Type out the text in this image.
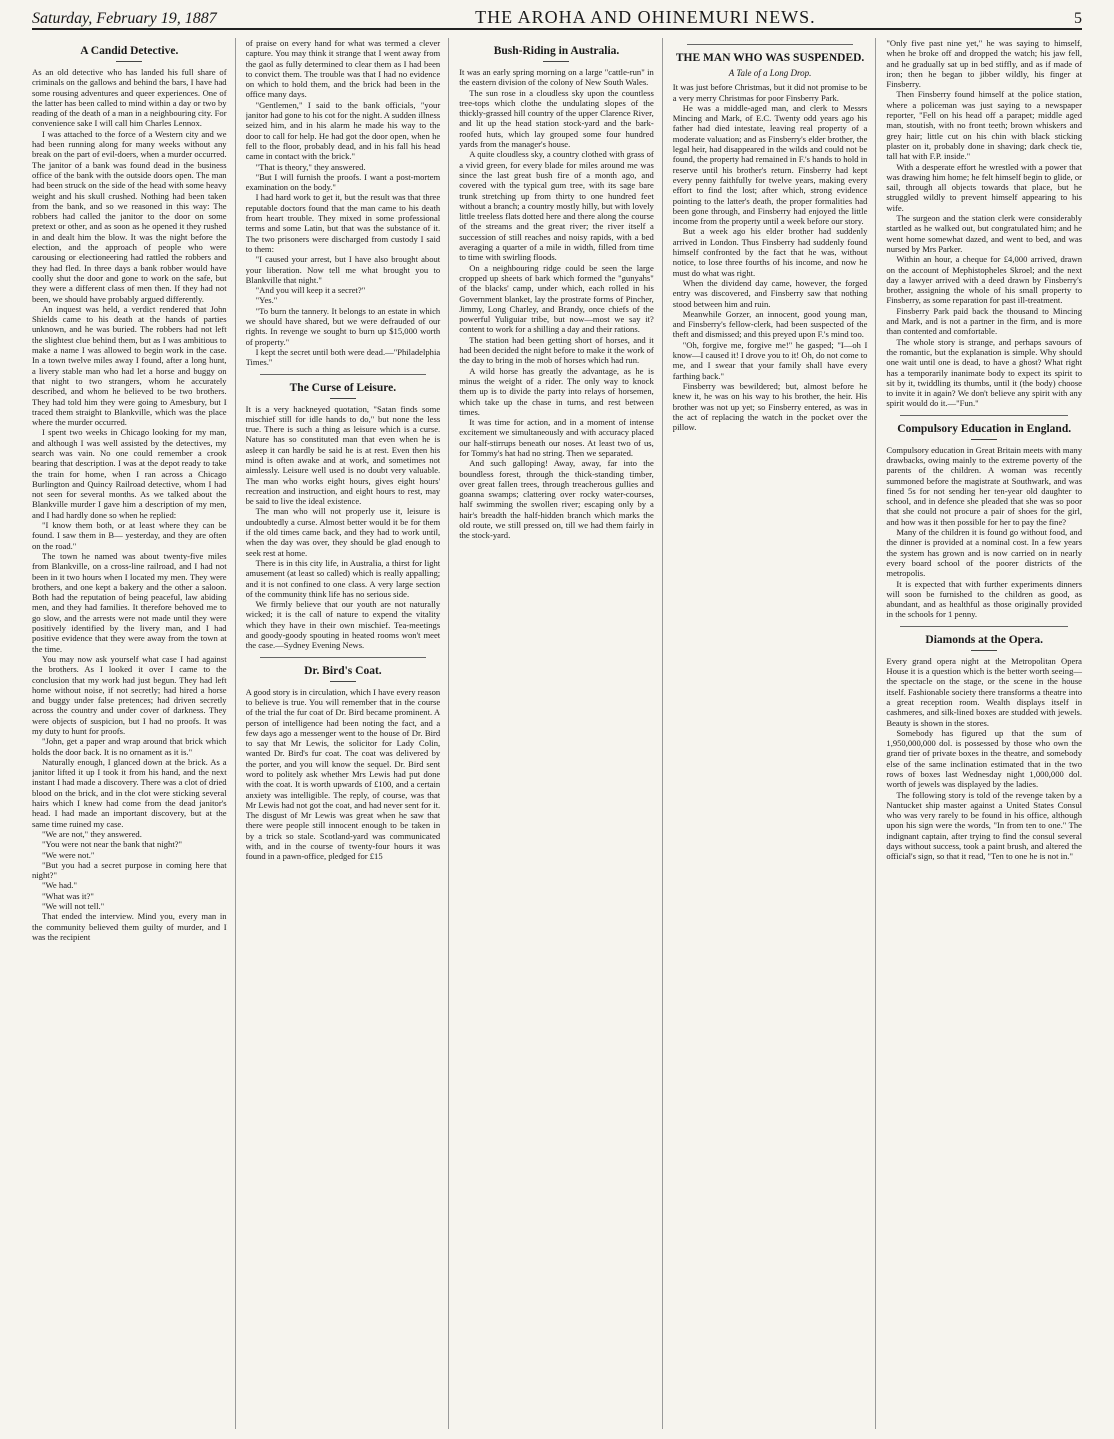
Saturday, February 19, 1887	THE AROHA AND OHINEMURI NEWS.	5
A Candid Detective.

As an old detective who has landed his full share of criminals on the gallows and behind the bars, I have had some rousing adventures and queer experiences. One of the latter has been called to mind within a day or two by reading of the death of a man in a neighbouring city. For convenience sake I will call him Charles Lennox.

I was attached to the force of a Western city and we had been running along for many weeks without any break on the part of evil-doers, when a murder occurred. The janitor of a bank was found dead in the business office of the bank with the outside doors open. The man had been struck on the side of the head with some heavy weight and his skull crushed. Nothing had been taken from the bank, and so we reasoned in this way: The robbers had called the janitor to the door on some pretext or other, and as soon as he opened it they rushed in and dealt him the blow. It was the night before the election, and the approach of people who were carousing or electioneering had rattled the robbers and they had fled. In three days a bank robber would have coolly shut the door and gone to work on the safe, but they were a different class of men then. If they had not been, we should have probably argued differently.

An inquest was held, a verdict rendered that John Shields came to his death at the hands of parties unknown, and he was buried. The robbers had not left the slightest clue behind them, but as I was ambitious to make a name I was allowed to begin work in the case. In a town twelve miles away I found, after a long hunt, a livery stable man who had let a horse and buggy on that night to two strangers, whom he accurately described, and whom he believed to be two brothers. They had told him they were going to Amesbury, but I traced them straight to Blankville, which was the place where the murder occurred.

I spent two weeks in Chicago looking for my man, and although I was well assisted by the detectives, my search was vain. No one could remember a crook bearing that description. I was at the depot ready to take the train for home, when I ran across a Chicago Burlington and Quincy Railroad detective, whom I had not seen for several months. As we talked about the Blankville murder I gave him a description of my men, and I had hardly done so when he replied:

"I know them both, or at least where they can be found. I saw them in B— yesterday, and they are often on the road."

The town he named was about twenty-five miles from Blankville, on a cross-line railroad, and I had not been in it two hours when I located my men. They were brothers, and one kept a bakery and the other a saloon. Both had the reputation of being peaceful, law abiding men, and they had families. It therefore behoved me to go slow, and the arrests were not made until they were positively identified by the livery man, and I had positive evidence that they were away from the town at the time.

You may now ask yourself what case I had against the brothers. As I looked it over I came to the conclusion that my work had just begun. They had left home without noise, if not secretly; had hired a horse and buggy under false pretences; had driven secretly across the country and under cover of darkness. They were objects of suspicion, but I had no proofs. It was my duty to hunt for proofs.

"John, get a paper and wrap around that brick which holds the door back. It is no ornament as it is."

Naturally enough, I glanced down at the brick. As a janitor lifted it up I took it from his hand, and the next instant I had made a discovery. There was a clot of dried blood on the brick, and in the clot were sticking several hairs which I knew had come from the dead janitor's head. I had made an important discovery, but at the same time ruined my case.

"We are not," they answered.

"You were not near the bank that night?"

"We were not."

"But you had a secret purpose in coming here that night?"

"We had."

"What was it?"

"We will not tell."

That ended the interview. Mind you, every man in the community believed them guilty of murder, and I was the recipient

of praise on every hand for what was termed a clever capture. You may think it strange that I went away from the gaol as fully determined to clear them as I had been to convict them. The trouble was that I had no evidence on which to hold them, and the brick had been in the office many days.

"Gentlemen," I said to the bank officials, "your janitor had gone to his cot for the night. A sudden illness seized him, and in his alarm he made his way to the door to call for help. He had got the door open, when he fell to the floor, probably dead, and in his fall his head came in contact with the brick."

"That is theory," they answered.

"But I will furnish the proofs. I want a post-mortem examination on the body."

I had hard work to get it, but the result was that three reputable doctors found that the man came to his death from heart trouble. They mixed in some professional terms and some Latin, but that was the substance of it. The two prisoners were discharged from custody I said to them:

"I caused your arrest, but I have also brought about your liberation. Now tell me what brought you to Blankville that night."

"And you will keep it a secret?"

"Yes."

"To burn the tannery. It belongs to an estate in which we should have shared, but we were defrauded of our rights. In revenge we sought to burn up $15,000 worth of property."

I kept the secret until both were dead.—"Philadelphia Times."

The Curse of Leisure.

It is a very hackneyed quotation, "Satan finds some mischief still for idle hands to do," but none the less true. There is such a thing as leisure which is a curse. Nature has so constituted man that even when he is asleep it can hardly be said he is at rest. Even then his mind is often awake and at work, and sometimes not aimlessly. Leisure well used is no doubt very valuable. The man who works eight hours, gives eight hours' recreation and instruction, and eight hours to rest, may be said to live the ideal existence.

The man who will not properly use it, leisure is undoubtedly a curse. Almost better would it be for them if the old times came back, and they had to work until, when the day was over, they should be glad enough to seek rest at home.

There is in this city life, in Australia, a thirst for light amusement (at least so called) which is really appalling; and it is not confined to one class. A very large section of the community think life has no serious side.

We firmly believe that our youth are not naturally wicked; it is the call of nature to expend the vitality which they have in their own mischief. Tea-meetings and goody-goody spouting in heated rooms won't meet the case.—Sydney Evening News.

Dr. Bird's Coat.

A good story is in circulation, which I have every reason to believe is true. You will remember that in the course of the trial the fur coat of Dr. Bird became prominent. A person of intelligence had been noting the fact, and a few days ago a messenger went to the house of Dr. Bird to say that Mr Lewis, the solicitor for Lady Colin, wanted Dr. Bird's fur coat. The coat was delivered by the porter, and you will know the sequel. Dr. Bird sent word to politely ask whether Mrs Lewis had put done with the coat. It is worth upwards of £100, and a certain anxiety was intelligible. The reply, of course, was that Mr Lewis had not got the coat, and had never sent for it. The disgust of Mr Lewis was great when he saw that there were people still innocent enough to be taken in by a trick so stale. Scotland-yard was communicated with, and in the course of twenty-four hours it was found in a pawn-office, pledged for £15

Bush-Riding in Australia.

It was an early spring morning on a large "cattle-run" in the eastern division of the colony of New South Wales.

The sun rose in a cloudless sky upon the countless tree-tops which clothe the undulating slopes of the thickly-grassed hill country of the upper Clarence River, and lit up the head station stock-yard and the bark-roofed huts, which lay grouped some four hundred yards from the manager's house.

A quite cloudless sky, a country clothed with grass of a vivid green, for every blade for miles around me was since the last great bush fire of a month ago, and covered with the typical gum tree, with its sage bare trunk stretching up from thirty to one hundred feet without a branch; a country mostly hilly, but with lovely little treeless flats dotted here and there along the course of the streams and the great river; the river itself a succession of still reaches and noisy rapids, with a bed averaging a quarter of a mile in width, filled from time to time with swirling floods.

On a neighbouring ridge could be seen the large cropped up sheets of bark which formed the "gunyahs" of the blacks' camp, under which, each rolled in his Government blanket, lay the prostrate forms of Pincher, Jimmy, Long Charley, and Brandy, once chiefs of the powerful Yuliguiar tribe, but now—most we say it? content to work for a shilling a day and their rations.

The station had been getting short of horses, and it had been decided the night before to make it the work of the day to bring in the mob of horses which had run.

A wild horse has greatly the advantage, as he is minus the weight of a rider. The only way to knock them up is to divide the party into relays of horsemen, which take up the chase in turns, and rest between times.

It was time for action, and in a moment of intense excitement we simultaneously and with accuracy placed our half-stirrups beneath our noses. At least two of us, for Tommy's hat had no string. Then we separated.

And such galloping! Away, away, far into the boundless forest, through the thick-standing timber, over great fallen trees, through treacherous gullies and goanna swamps; clattering over rocky water-courses, half swimming the swollen river; escaping only by a hair's breadth the half-hidden branch which marks the old route, we still pressed on, till we had them fairly in the stock-yard.

THE MAN WHO WAS SUSPENDED.
A Tale of a Long Drop.

It was just before Christmas, but it did not promise to be a very merry Christmas for poor Finsberry Park.

He was a middle-aged man, and clerk to Messrs Mincing and Mark, of E.C. Twenty odd years ago his father had died intestate, leaving real property of a moderate valuation; and as Finsberry's elder brother, the legal heir, had disappeared in the wilds and could not be found, the property had remained in F.'s hands to hold in reserve until his brother's return. Finsberry had kept every penny faithfully for twelve years, making every effort to find the lost; after which, strong evidence pointing to the latter's death, the proper formalities had been gone through, and Finsberry had enjoyed the little income from the property until a week before our story.

But a week ago his elder brother had suddenly arrived in London. Thus Finsberry had suddenly found himself confronted by the fact that he was, without notice, to lose three fourths of his income, and now he must do what was right.

When the dividend day came, however, the forged entry was discovered, and Finsberry saw that nothing stood between him and ruin.

Meanwhile Gorzer, an innocent, good young man, and Finsberry's fellow-clerk, had been suspected of the theft and dismissed; and this preyed upon F.'s mind too.

"Oh, forgive me, forgive me!" he gasped; "I—oh I know—I caused it! I drove you to it! Oh, do not come to me, and I swear that your family shall have every farthing back."

Finsberry was bewildered; but, almost before he knew it, he was on his way to his brother, the heir. His brother was not up yet; so Finsberry entered, as was in the act of replacing the watch in the pocket over the pillow.

"Only five past nine yet," he was saying to himself, when he broke off and dropped the watch; his jaw fell, and he gradually sat up in bed stiffly, and as if made of iron; then he began to jibber wildly, his finger at Finsberry.

Then Finsberry found himself at the police station, where a policeman was just saying to a newspaper reporter, "Fell on his head off a parapet; middle aged man, stoutish, with no front teeth; brown whiskers and grey hair; little cut on his chin with black sticking plaster on it, probably done in shaving; dark check tie, tall hat with F.P. inside."

With a desperate effort he wrestled with a power that was drawing him home; he felt himself begin to glide, or sail, through all objects towards that place, but he struggled wildly to prevent himself appearing to his wife.

The surgeon and the station clerk were considerably startled as he walked out, but congratulated him; and he went home somewhat dazed, and went to bed, and was nursed by Mrs Parker.

Within an hour, a cheque for £4,000 arrived, drawn on the account of Mephistopheles Skroel; and the next day a lawyer arrived with a deed drawn by Finsberry's brother, assigning the whole of his small property to Finsberry, as some reparation for past ill-treatment.

Finsberry Park paid back the thousand to Mincing and Mark, and is not a partner in the firm, and is more than contented and comfortable.

The whole story is strange, and perhaps savours of the romantic, but the explanation is simple. Why should one wait until one is dead, to have a ghost? What right has a temporarily inanimate body to expect its spirit to sit by it, twiddling its thumbs, until it (the body) choose to invite it in again? We don't believe any spirit with any spirit would do it.—"Fun."

Compulsory Education in England.

Compulsory education in Great Britain meets with many drawbacks, owing mainly to the extreme poverty of the parents of the children. A woman was recently summoned before the magistrate at Southwark, and was fined 5s for not sending her ten-year old daughter to school, and in defence she pleaded that she was so poor that she could not procure a pair of shoes for the girl, and how was it then possible for her to pay the fine?

Many of the children it is found go without food, and the dinner is provided at a nominal cost. In a few years the system has grown and is now carried on in nearly every board school of the poorer districts of the metropolis.

It is expected that with further experiments dinners will soon be furnished to the children as good, as abundant, and as healthful as those originally provided in the schools for 1 penny.

Diamonds at the Opera.

Every grand opera night at the Metropolitan Opera House it is a question which is the better worth seeing—the spectacle on the stage, or the scene in the house itself. Fashionable society there transforms a theatre into a great reception room. Wealth displays itself in cashmeres, and silk-lined boxes are studded with jewels. Beauty is shown in the stores.

Somebody has figured up that the sum of 1,950,000,000 dol. is possessed by those who own the grand tier of private boxes in the theatre, and somebody else of the same inclination estimated that in the two rows of boxes last Wednesday night 1,000,000 dol. worth of jewels was displayed by the ladies.

The following story is told of the revenge taken by a Nantucket ship master against a United States Consul who was very rarely to be found in his office, although upon his sign were the words, "In from ten to one." The indignant captain, after trying to find the consul several days without success, took a paint brush, and altered the official's sign, so that it read, "Ten to one he is not in."
